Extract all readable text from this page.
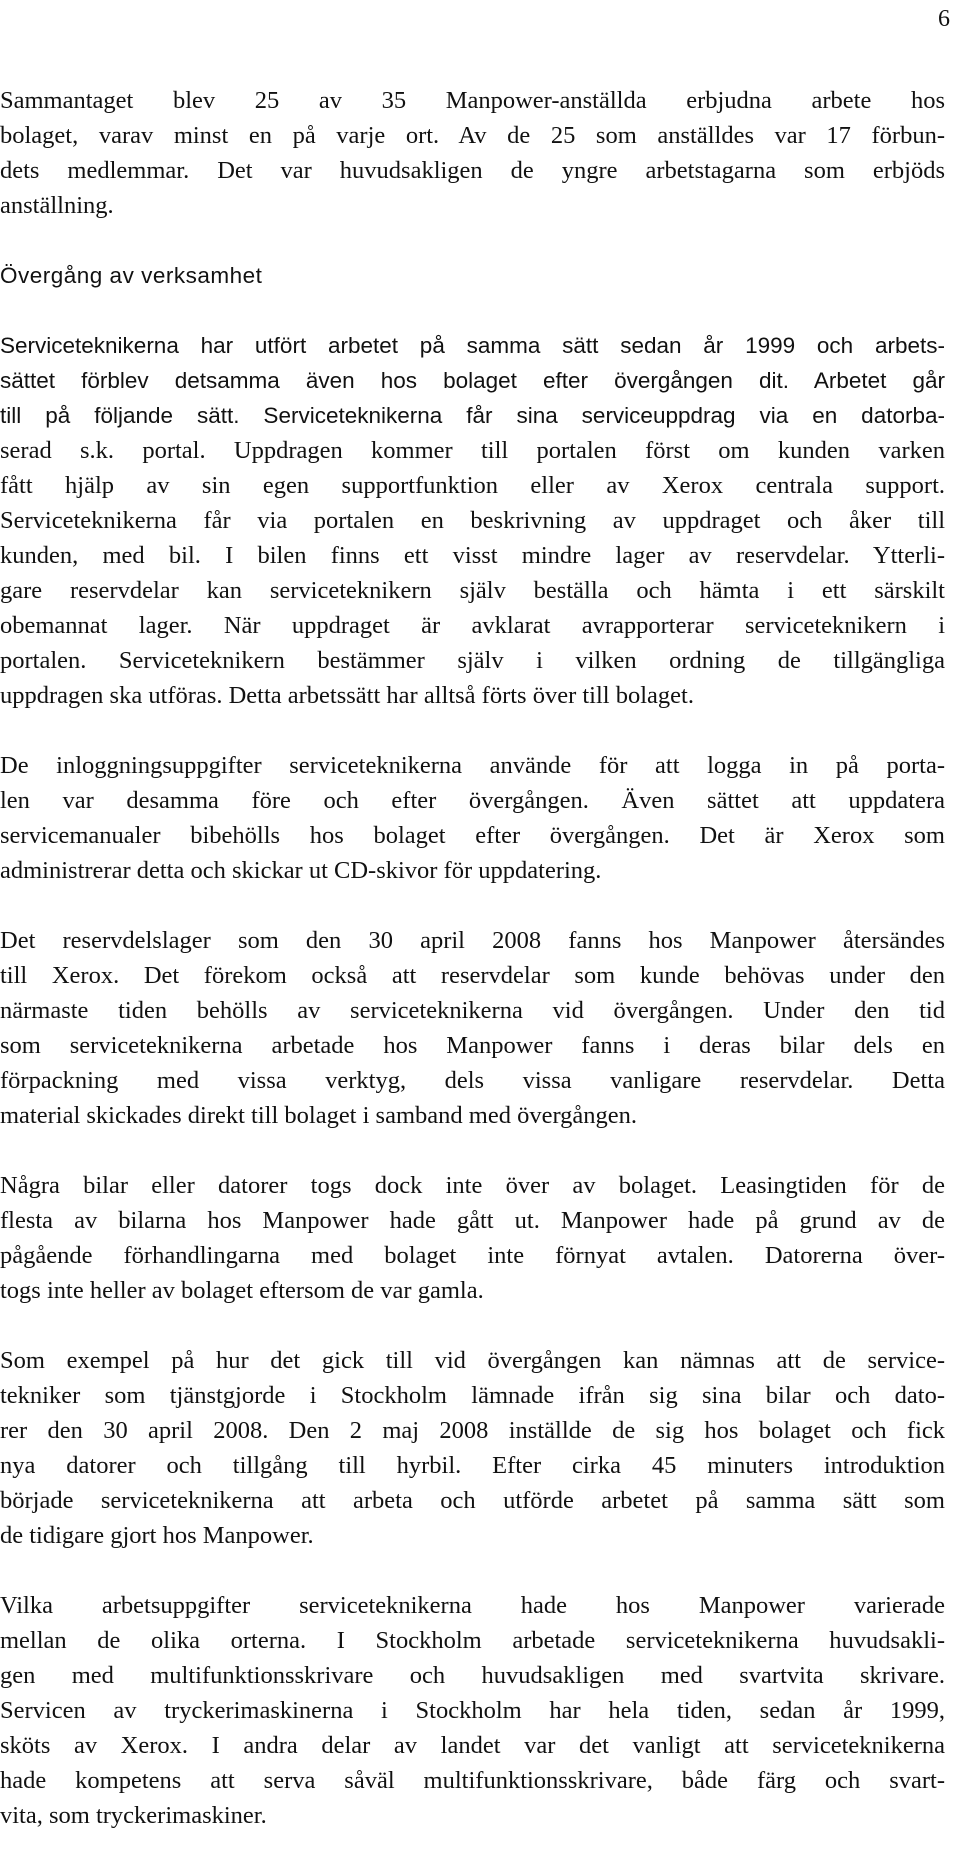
6
Sammantaget blev 25 av 35 Manpower-anställda erbjudna arbete hos
bolaget, varav minst en på varje ort. Av de 25 som anställdes var 17 förbun-
dets medlemmar. Det var huvudsakligen de yngre arbetstagarna som erbjöds
anställning.
Övergång av verksamhet
Serviceteknikerna har utfört arbetet på samma sätt sedan år 1999 och arbets-
sättet förblev detsamma även hos bolaget efter övergången dit. Arbetet går
till på följande sätt. Serviceteknikerna får sina serviceuppdrag via en datorba-
serad s.k. portal. Uppdragen kommer till portalen först om kunden varken
fått hjälp av sin egen supportfunktion eller av Xerox centrala support.
Serviceteknikerna får via portalen en beskrivning av uppdraget och åker till
kunden, med bil. I bilen finns ett visst mindre lager av reservdelar. Ytterli-
gare reservdelar kan serviceteknikern själv beställa och hämta i ett särskilt
obemannat lager. När uppdraget är avklarat avrapporterar serviceteknikern i
portalen. Serviceteknikern bestämmer själv i vilken ordning de tillgängliga
uppdragen ska utföras. Detta arbetssätt har alltså förts över till bolaget.
De inloggningsuppgifter serviceteknikerna använde för att logga in på porta-
len var desamma före och efter övergången. Även sättet att uppdatera
servicemanualer bibehölls hos bolaget efter övergången. Det är Xerox som
administrerar detta och skickar ut CD-skivor för uppdatering.
Det reservdelslager som den 30 april 2008 fanns hos Manpower återsändes
till Xerox. Det förekom också att reservdelar som kunde behövas under den
närmaste tiden behölls av serviceteknikerna vid övergången. Under den tid
som serviceteknikerna arbetade hos Manpower fanns i deras bilar dels en
förpackning med vissa verktyg, dels vissa vanligare reservdelar. Detta
material skickades direkt till bolaget i samband med övergången.
Några bilar eller datorer togs dock inte över av bolaget. Leasingtiden för de
flesta av bilarna hos Manpower hade gått ut. Manpower hade på grund av de
pågående förhandlingarna med bolaget inte förnyat avtalen. Datorerna över-
togs inte heller av bolaget eftersom de var gamla.
Som exempel på hur det gick till vid övergången kan nämnas att de service-
tekniker som tjänstgjorde i Stockholm lämnade ifrån sig sina bilar och dato-
rer den 30 april 2008. Den 2 maj 2008 inställde de sig hos bolaget och fick
nya datorer och tillgång till hyrbil. Efter cirka 45 minuters introduktion
började serviceteknikerna att arbeta och utförde arbetet på samma sätt som
de tidigare gjort hos Manpower.
Vilka arbetsuppgifter serviceteknikerna hade hos Manpower varierade
mellan de olika orterna. I Stockholm arbetade serviceteknikerna huvudsakli-
gen med multifunktionsskrivare och huvudsakligen med svartvita skrivare.
Servicen av tryckerimaskinerna i Stockholm har hela tiden, sedan år 1999,
sköts av Xerox. I andra delar av landet var det vanligt att serviceteknikerna
hade kompetens att serva såväl multifunktionsskrivare, både färg och svart-
vita, som tryckerimaskiner.
